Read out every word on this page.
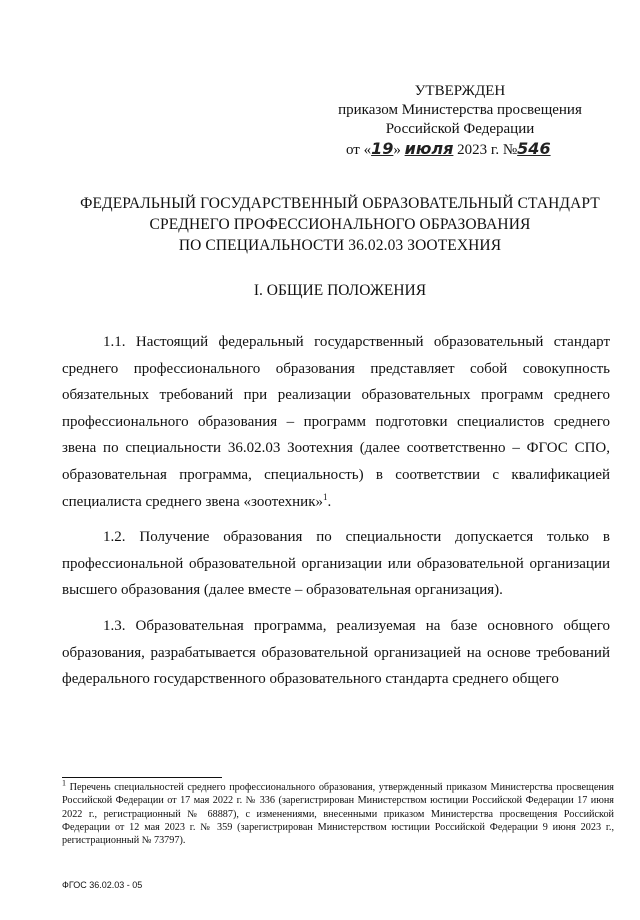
УТВЕРЖДЕН
приказом Министерства просвещения
Российской Федерации
от «19» июля 2023 г. №546
ФЕДЕРАЛЬНЫЙ ГОСУДАРСТВЕННЫЙ ОБРАЗОВАТЕЛЬНЫЙ СТАНДАРТ
СРЕДНЕГО ПРОФЕССИОНАЛЬНОГО ОБРАЗОВАНИЯ
ПО СПЕЦИАЛЬНОСТИ 36.02.03 ЗООТЕХНИЯ
I. ОБЩИЕ ПОЛОЖЕНИЯ

1.1. Настоящий федеральный государственный образовательный стандарт среднего профессионального образования представляет собой совокупность обязательных требований при реализации образовательных программ среднего профессионального образования – программ подготовки специалистов среднего звена по специальности 36.02.03 Зоотехния (далее соответственно – ФГОС СПО, образовательная программа, специальность) в соответствии с квалификацией специалиста среднего звена «зоотехник»$^1$.

1.2. Получение образования по специальности допускается только в профессиональной образовательной организации или образовательной организации высшего образования (далее вместе – образовательная организация).

1.3. Образовательная программа, реализуемая на базе основного общего образования, разрабатывается образовательной организацией на основе требований федерального государственного образовательного стандарта среднего общего

$^1$ Перечень специальностей среднего профессионального образования, утвержденный приказом Министерства просвещения Российской Федерации от 17 мая 2022 г. № 336 (зарегистрирован Министерством юстиции Российской Федерации 17 июня 2022 г., регистрационный № 68887), с изменениями, внесенными приказом Министерства просвещения Российской Федерации от 12 мая 2023 г. № 359 (зарегистрирован Министерством юстиции Российской Федерации 9 июня 2023 г., регистрационный № 73797).
ФГОС 36.02.03 - 05
